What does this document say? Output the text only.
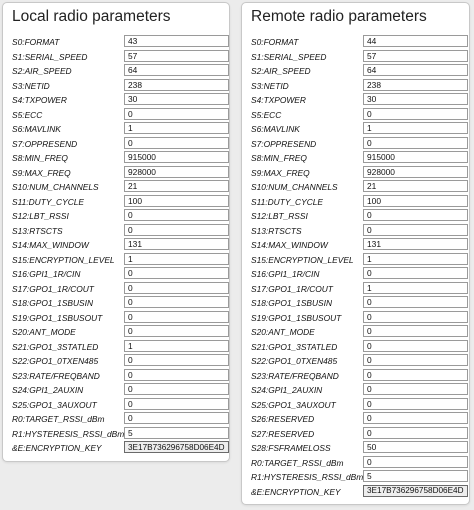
Local radio parameters
S0:FORMAT
43
S1:SERIAL_SPEED
57
S2:AIR_SPEED
64
S3:NETID
238
S4:TXPOWER
30
S5:ECC
0
S6:MAVLINK
1
S7:OPPRESEND
0
S8:MIN_FREQ
915000
S9:MAX_FREQ
928000
S10:NUM_CHANNELS
21
S11:DUTY_CYCLE
100
S12:LBT_RSSI
0
S13:RTSCTS
0
S14:MAX_WINDOW
131
S15:ENCRYPTION_LEVEL
1
S16:GPI1_1R/CIN
0
S17:GPO1_1R/COUT
0
S18:GPO1_1SBUSIN
0
S19:GPO1_1SBUSOUT
0
S20:ANT_MODE
0
S21:GPO1_3STATLED
1
S22:GPO1_0TXEN485
0
S23:RATE/FREQBAND
0
S24:GPI1_2AUXIN
0
S25:GPO1_3AUXOUT
0
R0:TARGET_RSSI_dBm
0
R1:HYSTERESIS_RSSI_dBm
5
&E:ENCRYPTION_KEY
3E17B736296758D06E4D1E
Remote radio parameters
S0:FORMAT
44
S1:SERIAL_SPEED
57
S2:AIR_SPEED
64
S3:NETID
238
S4:TXPOWER
30
S5:ECC
0
S6:MAVLINK
1
S7:OPPRESEND
0
S8:MIN_FREQ
915000
S9:MAX_FREQ
928000
S10:NUM_CHANNELS
21
S11:DUTY_CYCLE
100
S12:LBT_RSSI
0
S13:RTSCTS
0
S14:MAX_WINDOW
131
S15:ENCRYPTION_LEVEL
1
S16:GPI1_1R/CIN
0
S17:GPO1_1R/COUT
1
S18:GPO1_1SBUSIN
0
S19:GPO1_1SBUSOUT
0
S20:ANT_MODE
0
S21:GPO1_3STATLED
0
S22:GPO1_0TXEN485
0
S23:RATE/FREQBAND
0
S24:GPI1_2AUXIN
0
S25:GPO1_3AUXOUT
0
S26:RESERVED
0
S27:RESERVED
0
S28:FSFRAMELOSS
50
R0:TARGET_RSSI_dBm
0
R1:HYSTERESIS_RSSI_dBm
5
&E:ENCRYPTION_KEY
3E17B736296758D06E4D1E
